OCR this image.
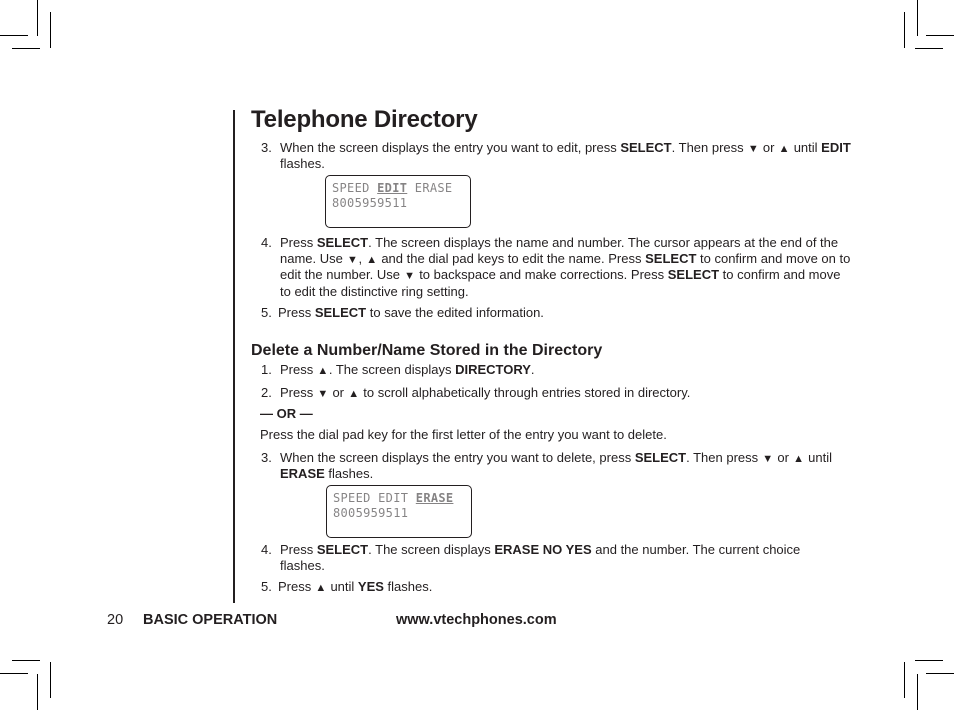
Telephone Directory
3. When the screen displays the entry you want to edit, press SELECT. Then press ▼ or ▲ until EDIT
flashes.
SPEED EDIT ERASE
8005959511
4. Press SELECT. The screen displays the name and number. The cursor appears at the end of the
name. Use ▼, ▲ and the dial pad keys to edit the name. Press SELECT to confirm and move on to
edit the number. Use ▼ to backspace and make corrections. Press SELECT to confirm and move
to edit the distinctive ring setting.
5. Press SELECT to save the edited information.
Delete a Number/Name Stored in the Directory
1. Press ▲. The screen displays DIRECTORY.
2. Press ▼ or ▲ to scroll alphabetically through entries stored in directory.
— OR —
Press the dial pad key for the first letter of the entry you want to delete.
3. When the screen displays the entry you want to delete, press SELECT. Then press ▼ or ▲ until
ERASE flashes.
SPEED EDIT ERASE
8005959511
4. Press SELECT. The screen displays ERASE NO YES and the number. The current choice
flashes.
5. Press ▲ until YES flashes.
20 BASIC OPERATION	www.vtechphones.com
